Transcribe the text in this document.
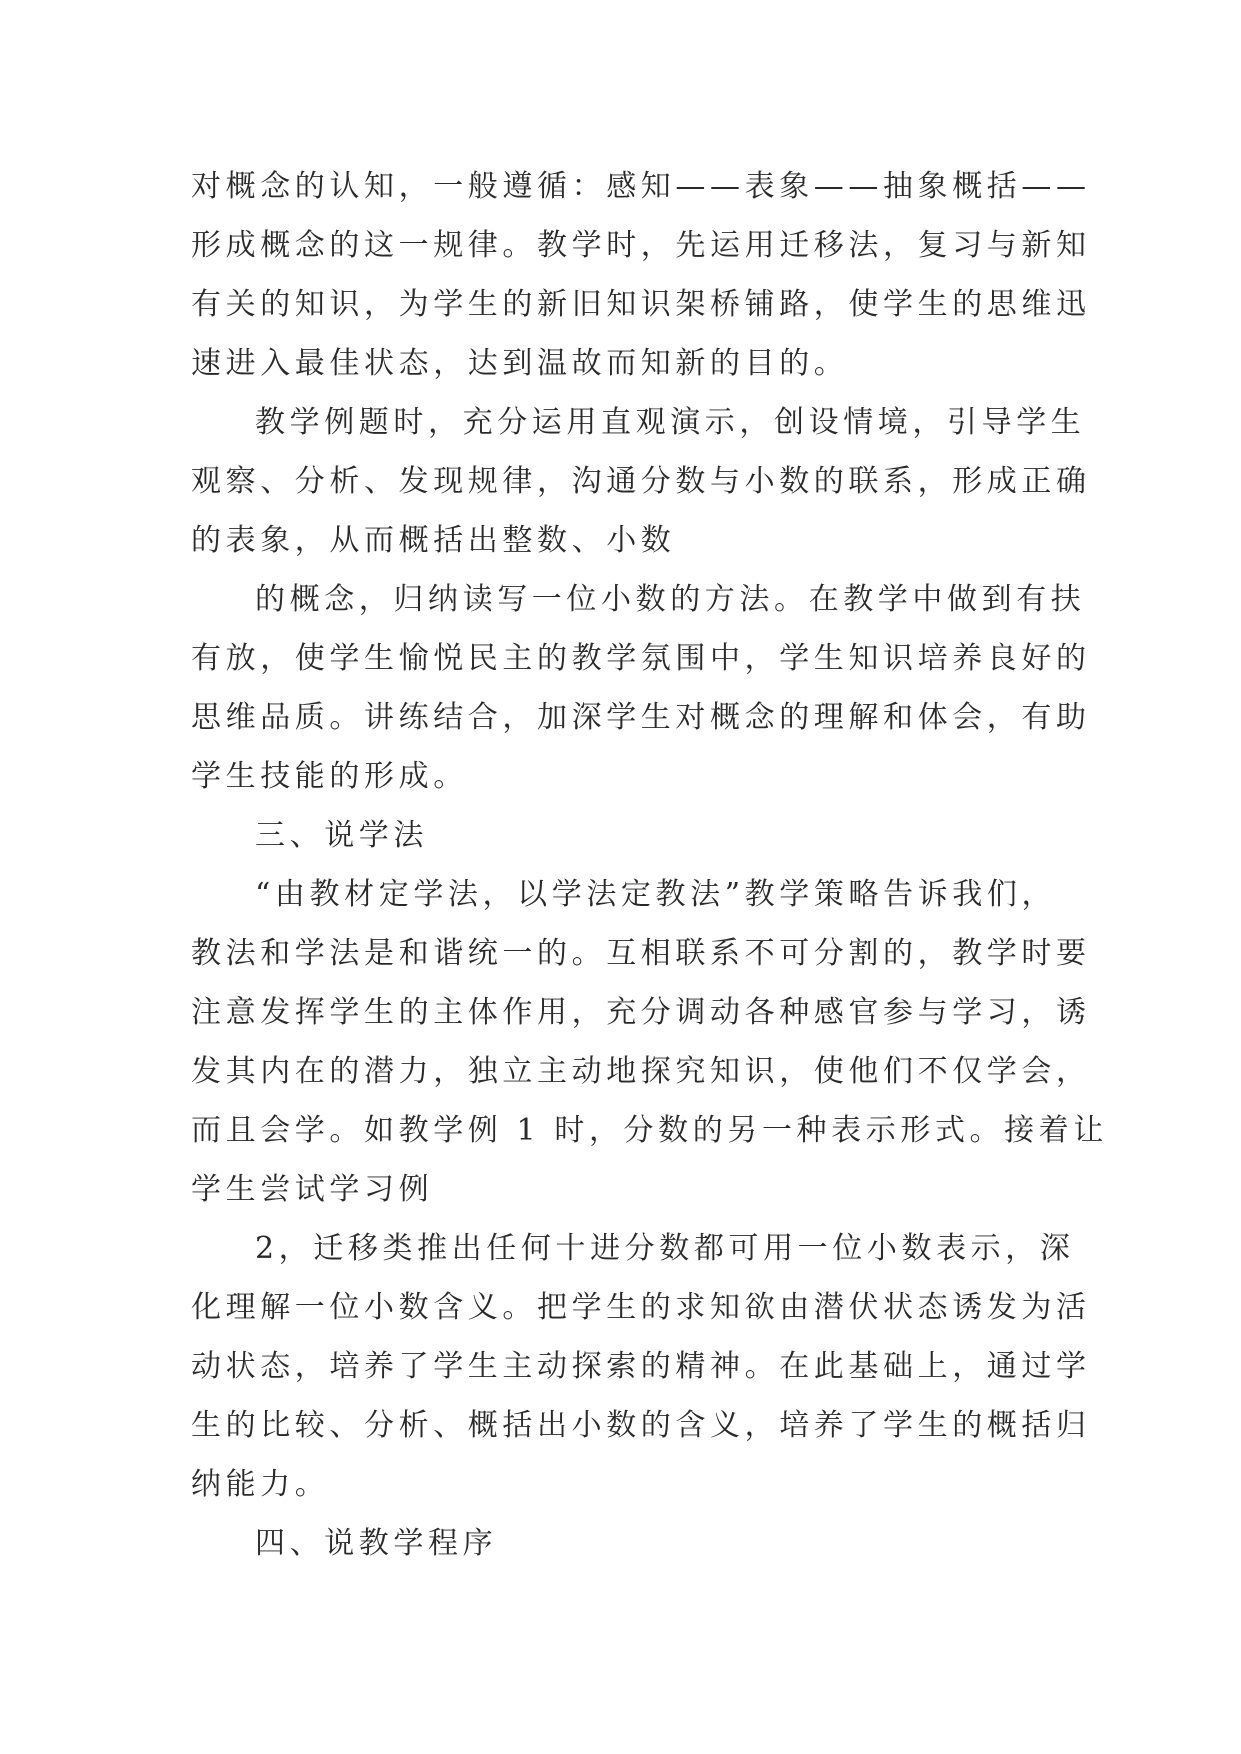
对概念的认知，一般遵循：感知——表象——抽象概括——
形成概念的这一规律。教学时，先运用迁移法，复习与新知
有关的知识，为学生的新旧知识架桥铺路，使学生的思维迅
速进入最佳状态，达到温故而知新的目的。
教学例题时，充分运用直观演示，创设情境，引导学生
观察、分析、发现规律，沟通分数与小数的联系，形成正确
的表象，从而概括出整数、小数
的概念，归纳读写一位小数的方法。在教学中做到有扶
有放，使学生愉悦民主的教学氛围中，学生知识培养良好的
思维品质。讲练结合，加深学生对概念的理解和体会，有助
学生技能的形成。
三、说学法
“由教材定学法，以学法定教法”教学策略告诉我们，
教法和学法是和谐统一的。互相联系不可分割的，教学时要
注意发挥学生的主体作用，充分调动各种感官参与学习，诱
发其内在的潜力，独立主动地探究知识，使他们不仅学会，
而且会学。如教学例 1 时，分数的另一种表示形式。接着让
学生尝试学习例
2，迁移类推出任何十进分数都可用一位小数表示，深
化理解一位小数含义。把学生的求知欲由潜伏状态诱发为活
动状态，培养了学生主动探索的精神。在此基础上，通过学
生的比较、分析、概括出小数的含义，培养了学生的概括归
纳能力。
四、说教学程序
